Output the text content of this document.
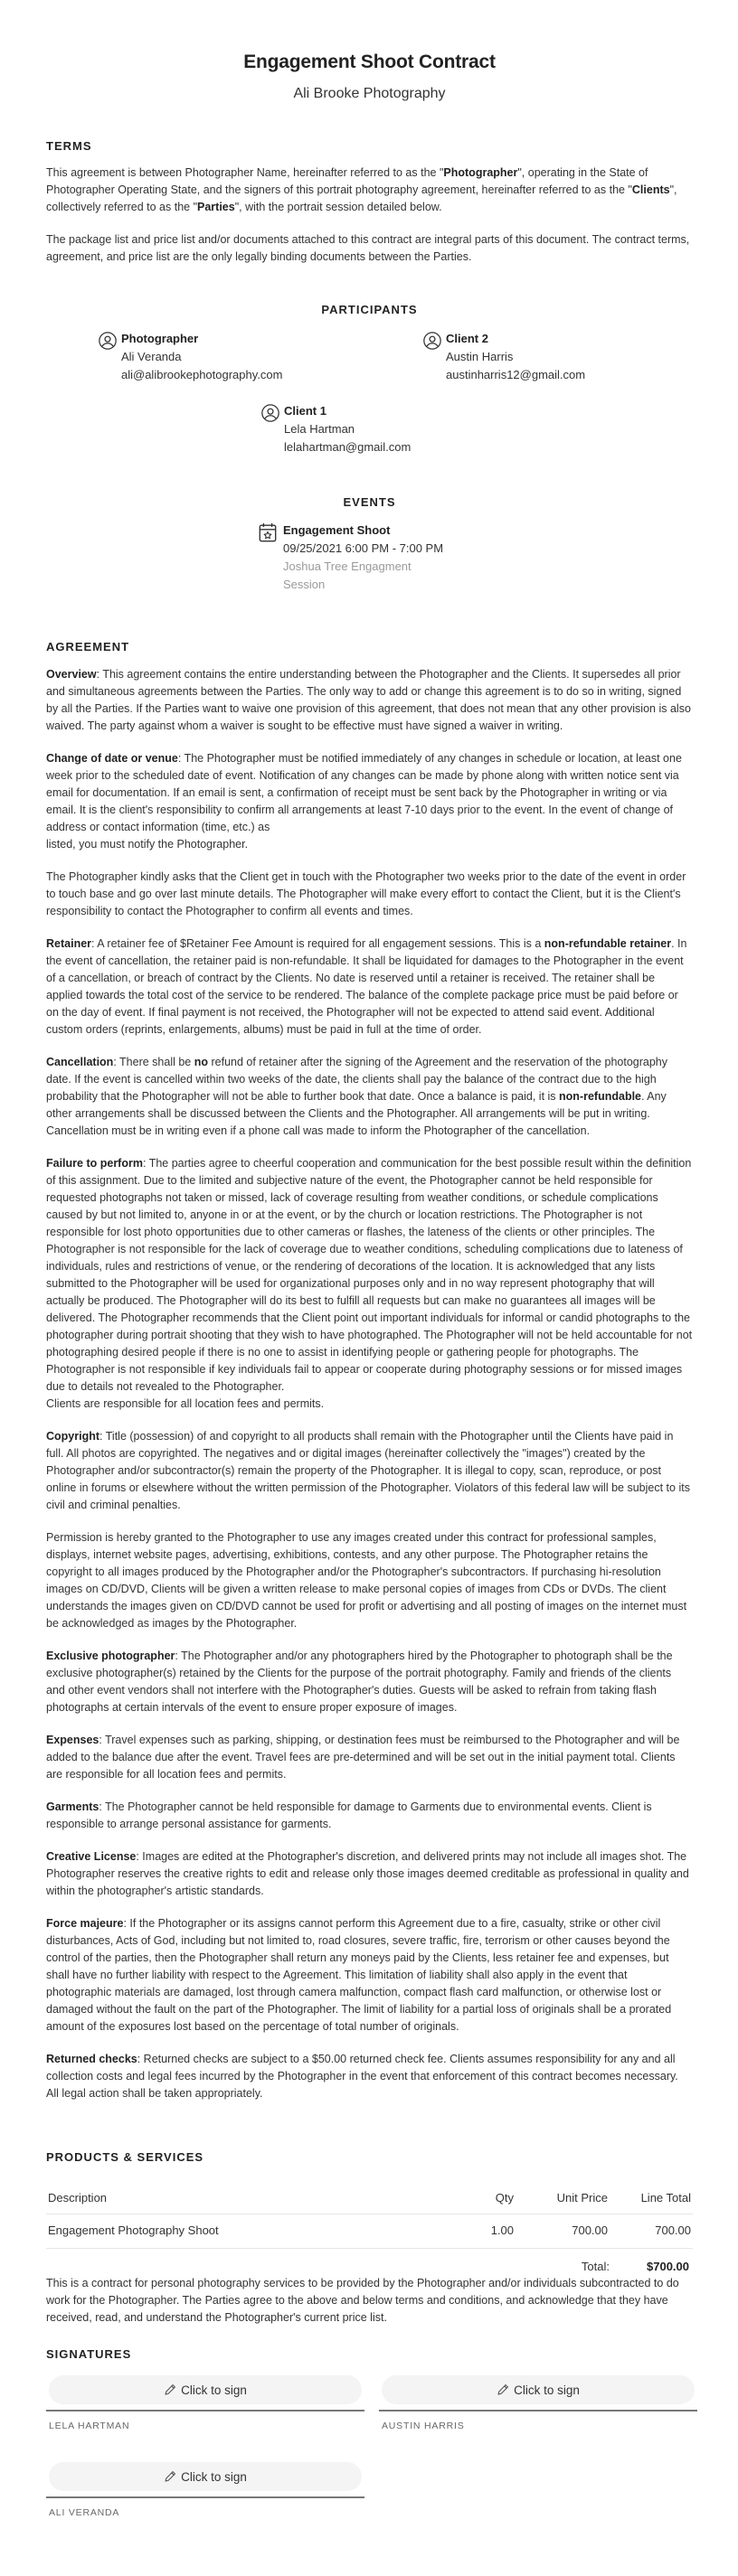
Engagement Shoot Contract
Ali Brooke Photography
TERMS

This agreement is between Photographer Name, hereinafter referred to as the "Photographer", operating in the State of Photographer Operating State, and the signers of this portrait photography agreement, hereinafter referred to as the "Clients", collectively referred to as the "Parties", with the portrait session detailed below.

The package list and price list and/or documents attached to this contract are integral parts of this document. The contract terms, agreement, and price list are the only legally binding documents between the Parties.

PARTICIPANTS
Photographer
Ali Veranda
ali@alibrookephotography.com
Client 2
Austin Harris
austinharris12@gmail.com
Client 1
Lela Hartman
lelahartman@gmail.com
EVENTS
Engagement Shoot
09/25/2021 6:00 PM - 7:00 PM
Joshua Tree Engagment Session
AGREEMENT

Overview: This agreement contains the entire understanding between the Photographer and the Clients. It supersedes all prior and simultaneous agreements between the Parties. The only way to add or change this agreement is to do so in writing, signed by all the Parties. If the Parties want to waive one provision of this agreement, that does not mean that any other provision is also waived. The party against whom a waiver is sought to be effective must have signed a waiver in writing.

Change of date or venue: The Photographer must be notified immediately of any changes in schedule or location, at least one week prior to the scheduled date of event. Notification of any changes can be made by phone along with written notice sent via email for documentation. If an email is sent, a confirmation of receipt must be sent back by the Photographer in writing or via email. It is the client's responsibility to confirm all arrangements at least 7-10 days prior to the event. In the event of change of address or contact information (time, etc.) as
listed, you must notify the Photographer.

The Photographer kindly asks that the Client get in touch with the Photographer two weeks prior to the date of the event in order to touch base and go over last minute details. The Photographer will make every effort to contact the Client, but it is the Client's responsibility to contact the Photographer to confirm all events and times.

Retainer: A retainer fee of $Retainer Fee Amount is required for all engagement sessions. This is a non-refundable retainer. In the event of cancellation, the retainer paid is non-refundable. It shall be liquidated for damages to the Photographer in the event of a cancellation, or breach of contract by the Clients. No date is reserved until a retainer is received. The retainer shall be applied towards the total cost of the service to be rendered. The balance of the complete package price must be paid before or on the day of event. If final payment is not received, the Photographer will not be expected to attend said event. Additional custom orders (reprints, enlargements, albums) must be paid in full at the time of order.

Cancellation: There shall be no refund of retainer after the signing of the Agreement and the reservation of the photography date. If the event is cancelled within two weeks of the date, the clients shall pay the balance of the contract due to the high probability that the Photographer will not be able to further book that date. Once a balance is paid, it is non-refundable. Any other arrangements shall be discussed between the Clients and the Photographer. All arrangements will be put in writing. Cancellation must be in writing even if a phone call was made to inform the Photographer of the cancellation.

Failure to perform: The parties agree to cheerful cooperation and communication for the best possible result within the definition of this assignment. Due to the limited and subjective nature of the event, the Photographer cannot be held responsible for requested photographs not taken or missed, lack of coverage resulting from weather conditions, or schedule complications caused by but not limited to, anyone in or at the event, or by the church or location restrictions. The Photographer is not responsible for lost photo opportunities due to other cameras or flashes, the lateness of the clients or other principles. The Photographer is not responsible for the lack of coverage due to weather conditions, scheduling complications due to lateness of individuals, rules and restrictions of venue, or the rendering of decorations of the location. It is acknowledged that any lists submitted to the Photographer will be used for organizational purposes only and in no way represent photography that will actually be produced. The Photographer will do its best to fulfill all requests but can make no guarantees all images will be delivered. The Photographer recommends that the Client point out important individuals for informal or candid photographs to the photographer during portrait shooting that they wish to have photographed. The Photographer will not be held accountable for not photographing desired people if there is no one to assist in identifying people or gathering people for photographs. The Photographer is not responsible if key individuals fail to appear or cooperate during photography sessions or for missed images due to details not revealed to the Photographer.
Clients are responsible for all location fees and permits.

Copyright: Title (possession) of and copyright to all products shall remain with the Photographer until the Clients have paid in full. All photos are copyrighted. The negatives and or digital images (hereinafter collectively the "images") created by the Photographer and/or subcontractor(s) remain the property of the Photographer. It is illegal to copy, scan, reproduce, or post online in forums or elsewhere without the written permission of the Photographer. Violators of this federal law will be subject to its civil and criminal penalties.

Permission is hereby granted to the Photographer to use any images created under this contract for professional samples, displays, internet website pages, advertising, exhibitions, contests, and any other purpose. The Photographer retains the copyright to all images produced by the Photographer and/or the Photographer's subcontractors. If purchasing hi-resolution images on CD/DVD, Clients will be given a written release to make personal copies of images from CDs or DVDs. The client understands the images given on CD/DVD cannot be used for profit or advertising and all posting of images on the internet must be acknowledged as images by the Photographer.

Exclusive photographer: The Photographer and/or any photographers hired by the Photographer to photograph shall be the exclusive photographer(s) retained by the Clients for the purpose of the portrait photography. Family and friends of the clients and other event vendors shall not interfere with the Photographer's duties. Guests will be asked to refrain from taking flash photographs at certain intervals of the event to ensure proper exposure of images.

Expenses: Travel expenses such as parking, shipping, or destination fees must be reimbursed to the Photographer and will be added to the balance due after the event. Travel fees are pre-determined and will be set out in the initial payment total. Clients are responsible for all location fees and permits.

Garments: The Photographer cannot be held responsible for damage to Garments due to environmental events. Client is responsible to arrange personal assistance for garments.

Creative License: Images are edited at the Photographer's discretion, and delivered prints may not include all images shot. The Photographer reserves the creative rights to edit and release only those images deemed creditable as professional in quality and within the photographer's artistic standards.

Force majeure: If the Photographer or its assigns cannot perform this Agreement due to a fire, casualty, strike or other civil disturbances, Acts of God, including but not limited to, road closures, severe traffic, fire, terrorism or other causes beyond the control of the parties, then the Photographer shall return any moneys paid by the Clients, less retainer fee and expenses, but shall have no further liability with respect to the Agreement. This limitation of liability shall also apply in the event that photographic materials are damaged, lost through camera malfunction, compact flash card malfunction, or otherwise lost or damaged without the fault on the part of the Photographer. The limit of liability for a partial loss of originals shall be a prorated amount of the exposures lost based on the percentage of total number of originals.

Returned checks: Returned checks are subject to a $50.00 returned check fee. Clients assumes responsibility for any and all collection costs and legal fees incurred by the Photographer in the event that enforcement of this contract becomes necessary. All legal action shall be taken appropriately.

PRODUCTS & SERVICES
Description	Qty	Unit Price	Line Total
Engagement Photography Shoot	1.00	700.00	700.00
Total:	$700.00

This is a contract for personal photography services to be provided by the Photographer and/or individuals subcontracted to do work for the Photographer. The Parties agree to the above and below terms and conditions, and acknowledge that they have received, read, and understand the Photographer's current price list.

SIGNATURES
Click to sign
LELA HARTMAN
Click to sign
AUSTIN HARRIS
Click to sign
ALI VERANDA
